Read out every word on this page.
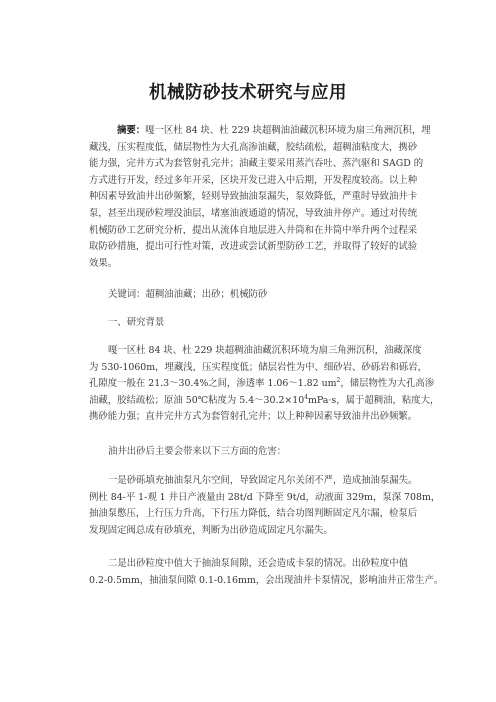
机械防砂技术研究与应用
摘要：嘎一区杜 84 块、杜 229 块超稠油油藏沉积环境为扇三角洲沉积，埋
藏浅，压实程度低，储层物性为大孔高渗油藏，胶结疏松，超稠油粘度大，携砂
能力强，完井方式为套管射孔完井；油藏主要采用蒸汽吞吐、蒸汽驱和 SAGD 的
方式进行开发，经过多年开采，区块开发已进入中后期，开发程度较高。以上种
种因素导致油井出砂频繁，轻则导致抽油泵漏失，泵效降低，严重时导致油井卡
泵，甚至出现砂粒埋没油层，堵塞油液通道的情况，导致油井停产。通过对传统
机械防砂工艺研究分析，提出从流体自地层进入井筒和在井筒中举升两个过程采
取防砂措施，提出可行性对策，改进或尝试新型防砂工艺，并取得了较好的试验
效果。
关键词：超稠油油藏；出砂；机械防砂
一、研究背景
嘎一区杜 84 块、杜 229 块超稠油油藏沉积环境为扇三角洲沉积，油藏深度
为 530-1060m，埋藏浅，压实程度低；储层岩性为中、细砂岩、砂砾岩和砾岩，
孔隙度一般在 21.3～30.4%之间，渗透率 1.06～1.82 $um^2$，储层物性为大孔高渗
油藏，胶结疏松；原油 50℃粘度为 $5.4\sim 30.2\times 10^4mPa\cdot s$，属于超稠油，粘度大，
携砂能力强；直井完井方式为套管射孔完井；以上种种因素导致油井出砂频繁。
油井出砂后主要会带来以下三方面的危害：
一是砂砾填充抽油泵凡尔空间，导致固定凡尔关闭不严，造成抽油泵漏失。
例杜 84-平 1-观 1 井日产液量由 28t/d 下降至 9t/d，动液面 329m，泵深 708m，
抽油泵憋压，上行压力升高，下行压力降低，结合功图判断固定凡尔漏，检泵后
发现固定阀总成有砂填充，判断为出砂造成固定凡尔漏失。
二是出砂粒度中值大于抽油泵间隙，还会造成卡泵的情况。出砂粒度中值
0.2-0.5mm，抽油泵间隙 0.1-0.16mm，会出现油井卡泵情况，影响油井正常生产。
